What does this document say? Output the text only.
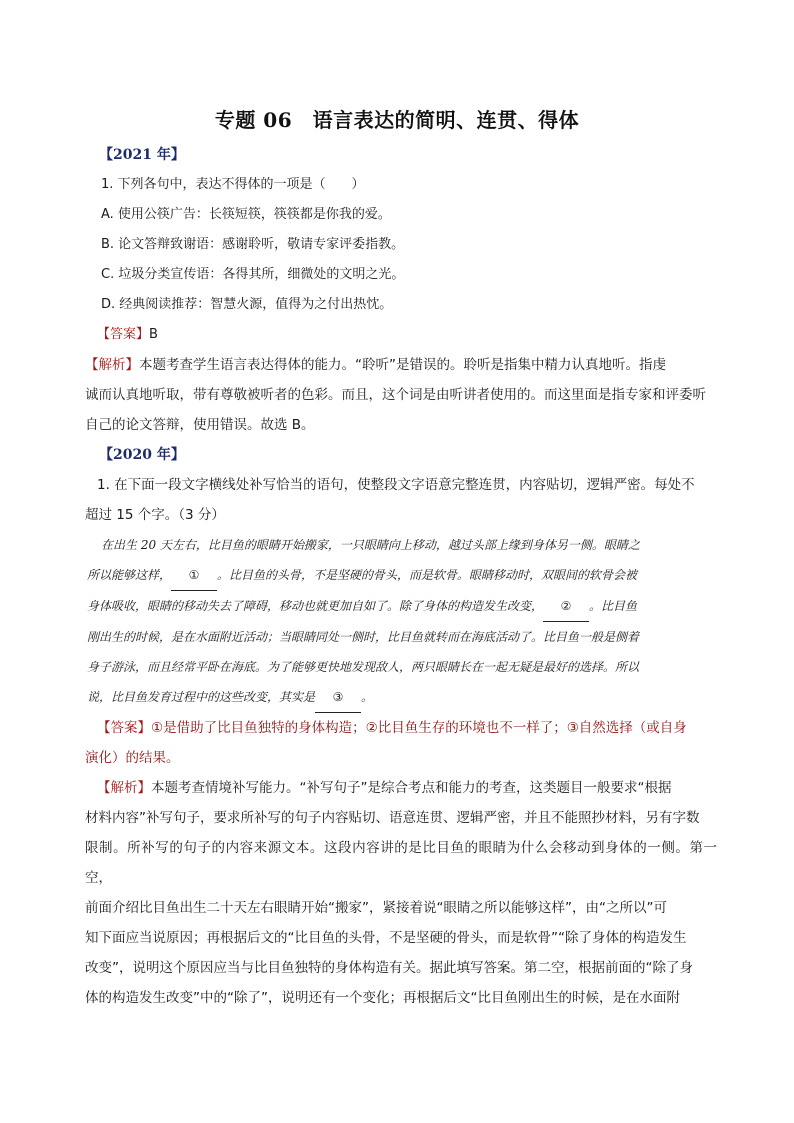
专题 06　语言表达的简明、连贯、得体
【2021 年】
1. 下列各句中，表达不得体的一项是（　　）
A. 使用公筷广告：长筷短筷，筷筷都是你我的爱。
B. 论文答辩致谢语：感谢聆听，敬请专家评委指教。
C. 垃圾分类宣传语：各得其所，细微处的文明之光。
D. 经典阅读推荐：智慧火源，值得为之付出热忱。
【答案】B
【解析】本题考查学生语言表达得体的能力。“聆听”是错误的。聆听是指集中精力认真地听。指虔
诚而认真地听取，带有尊敬被听者的色彩。而且，这个词是由听讲者使用的。而这里面是指专家和评委听
自己的论文答辩，使用错误。故选 B。
【2020 年】
1. 在下面一段文字横线处补写恰当的语句，使整段文字语意完整连贯，内容贴切，逻辑严密。每处不
超过 15 个字。（3 分）
在出生 20 天左右，比目鱼的眼睛开始搬家，一只眼睛向上移动，越过头部上缘到身体另一侧。眼睛之
所以能够这样， ① 。比目鱼的头骨，不是坚硬的骨头，而是软骨。眼睛移动时，双眼间的软骨会被
身体吸收，眼睛的移动失去了障碍，移动也就更加自如了。除了身体的构造发生改变， ② 。比目鱼
刚出生的时候，是在水面附近活动；当眼睛同处一侧时，比目鱼就转而在海底活动了。比目鱼一般是侧着
身子游泳，而且经常平卧在海底。为了能够更快地发现敌人，两只眼睛长在一起无疑是最好的选择。所以
说，比目鱼发育过程中的这些改变，其实是 ③ 。
【答案】①是借助了比目鱼独特的身体构造；②比目鱼生存的环境也不一样了；③自然选择（或自身
演化）的结果。
【解析】本题考查情境补写能力。“补写句子”是综合考点和能力的考查，这类题目一般要求“根据
材料内容”补写句子，要求所补写的句子内容贴切、语意连贯、逻辑严密，并且不能照抄材料，另有字数
限制。所补写的句子的内容来源文本。这段内容讲的是比目鱼的眼睛为什么会移动到身体的一侧。第一空，
前面介绍比目鱼出生二十天左右眼睛开始“搬家”，紧接着说“眼睛之所以能够这样”，由“之所以”可
知下面应当说原因；再根据后文的“比目鱼的头骨，不是坚硬的骨头，而是软骨”“除了身体的构造发生
改变”，说明这个原因应当与比目鱼独特的身体构造有关。据此填写答案。第二空，根据前面的“除了身
体的构造发生改变”中的“除了”，说明还有一个变化；再根据后文“比目鱼刚出生的时候，是在水面附
